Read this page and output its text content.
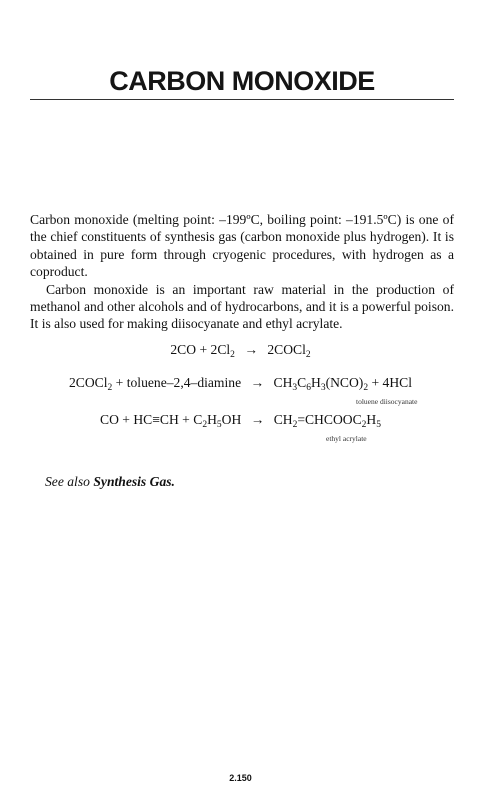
CARBON MONOXIDE

Carbon monoxide (melting point: –199ºC, boiling point: –191.5ºC) is one of the chief constituents of synthesis gas (carbon monoxide plus hydrogen). It is obtained in pure form through cryogenic procedures, with hydrogen as a coproduct.

Carbon monoxide is an important raw material in the production of methanol and other alcohols and of hydrocarbons, and it is a powerful poison. It is also used for making diisocyanate and ethyl acrylate.

$2CO + 2Cl_2$ → 2COCl$_2$
2COCl$_2$ + toluene–2,4–diamine → $CH_3C_6H_3(NCO)_2 + 4HCl$
toluene diisocyanate
CO + $HC\equiv CH + C_2H_5OH$ → $CH_2=CHCOOC_2H_5$
ethyl acrylate
See also Synthesis Gas.
2.150
